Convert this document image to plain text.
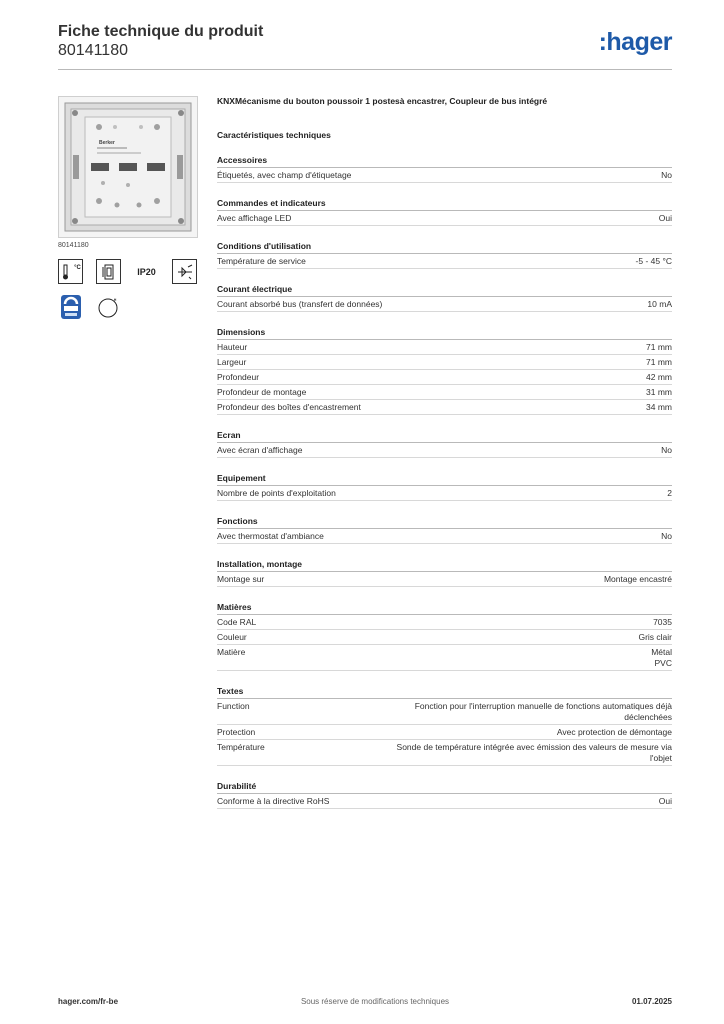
Fiche technique du produit
80141180	:hager
Berker
80141180
°C	IP20
ᴴ
KNXMécanisme du bouton poussoir 1 postesà encastrer, Coupleur de bus intégré
Caractéristiques techniques
Accessoires
Étiquetés, avec champ d'étiquetage	No
Commandes et indicateurs
Avec affichage LED	Oui
Conditions d'utilisation
Température de service	-5 - 45 °C
Courant électrique
Courant absorbé bus (transfert de données)	10 mA
Dimensions
Hauteur	71 mm
Largeur	71 mm
Profondeur	42 mm
Profondeur de montage	31 mm
Profondeur des boîtes d'encastrement	34 mm
Ecran
Avec écran d'affichage	No
Equipement
Nombre de points d'exploitation	2
Fonctions
Avec thermostat d'ambiance	No
Installation, montage
Montage sur	Montage encastré
Matières
Code RAL	7035
Couleur	Gris clair
Matière	Métal
PVC
Textes
Function	Fonction pour l'interruption manuelle de fonctions automatiques déjà déclenchées
Protection	Avec protection de démontage
Température	Sonde de température intégrée avec émission des valeurs de mesure via l'objet
Durabilité
Conforme à la directive RoHS	Oui
hager.com/fr-be	Sous réserve de modifications techniques	01.07.2025
